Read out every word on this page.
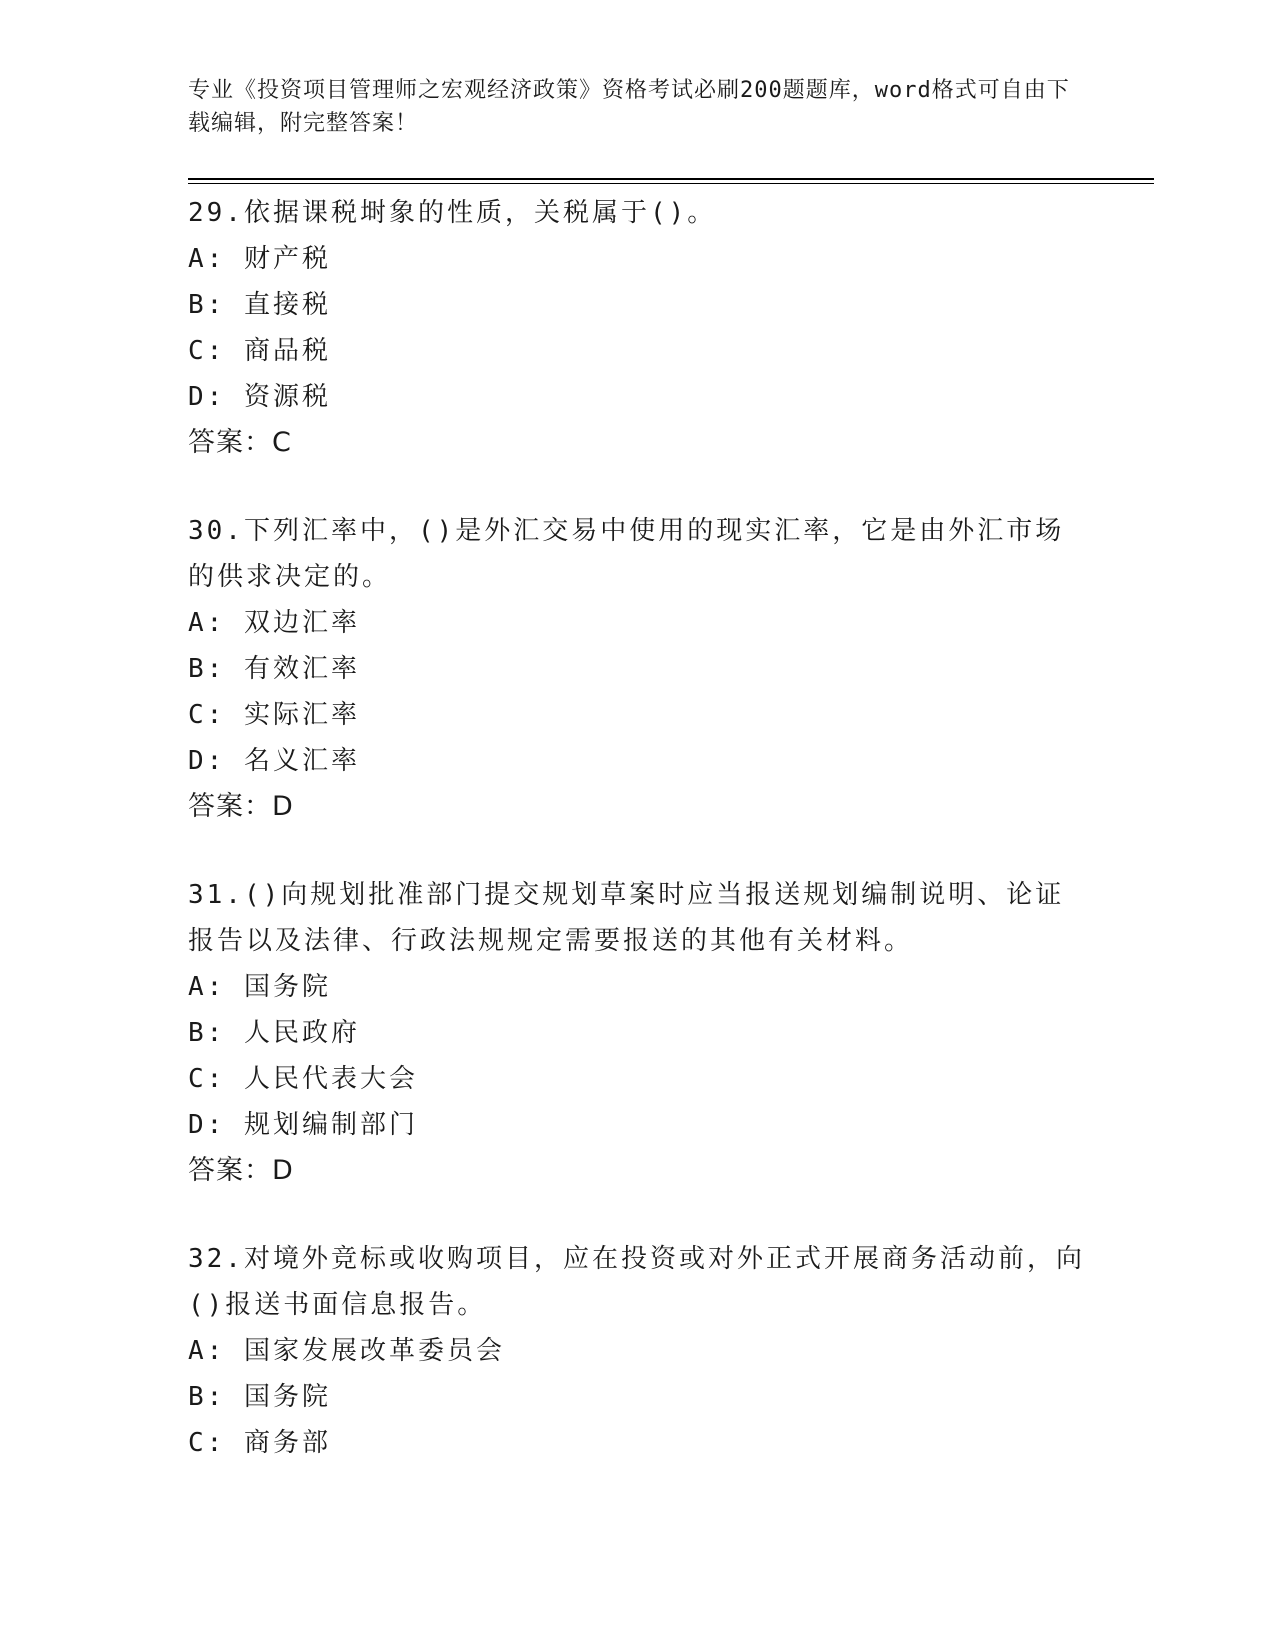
专业《投资项目管理师之宏观经济政策》资格考试必刷200题题库，word格式可自由下载编辑，附完整答案！

29.依据课税埘象的性质，关税属于()。

A: 财产税

B: 直接税

C: 商品税

D: 资源税

答案：C

30.下列汇率中，()是外汇交易中使用的现实汇率，它是由外汇市场的供求决定的。

A: 双边汇率

B: 有效汇率

C: 实际汇率

D: 名义汇率

答案：D

31.()向规划批准部门提交规划草案时应当报送规划编制说明、论证报告以及法律、行政法规规定需要报送的其他有关材料。

A: 国务院

B: 人民政府

C: 人民代表大会

D: 规划编制部门

答案：D

32.对境外竞标或收购项目，应在投资或对外正式开展商务活动前，向()报送书面信息报告。

A: 国家发展改革委员会

B: 国务院

C: 商务部
